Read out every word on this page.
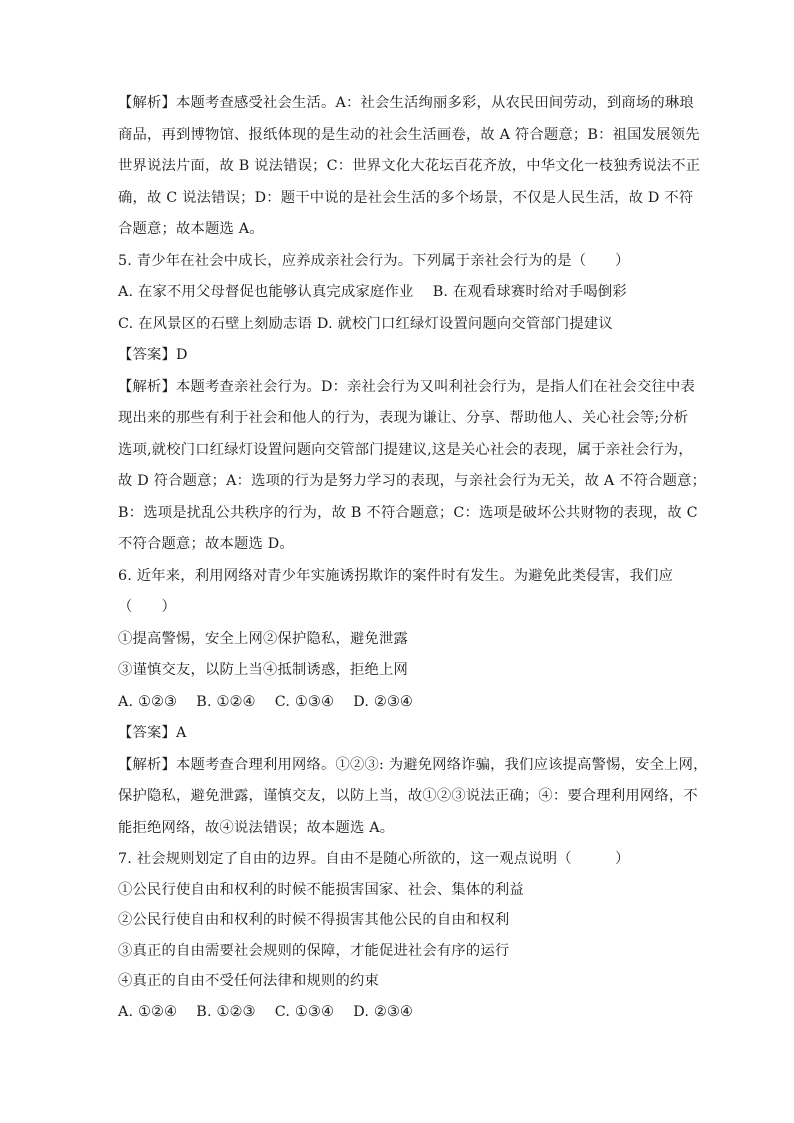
【解析】本题考查感受社会生活。A：社会生活绚丽多彩，从农民田间劳动，到商场的琳琅
商品，再到博物馆、报纸体现的是生动的社会生活画卷，故 A 符合题意；B：祖国发展领先
世界说法片面，故 B 说法错误；C：世界文化大花坛百花齐放，中华文化一枝独秀说法不正
确，故 C 说法错误；D：题干中说的是社会生活的多个场景，不仅是人民生活，故 D 不符
合题意；故本题选 A。
5. 青少年在社会中成长，应养成亲社会行为。下列属于亲社会行为的是（　　）
A. 在家不用父母督促也能够认真完成家庭作业　 B. 在观看球赛时给对手喝倒彩
C. 在风景区的石壁上刻励志语 D. 就校门口红绿灯设置问题向交管部门提建议
【答案】D
【解析】本题考查亲社会行为。D：亲社会行为又叫利社会行为，是指人们在社会交往中表
现出来的那些有利于社会和他人的行为，表现为谦让、分享、帮助他人、关心社会等;分析
选项,就校门口红绿灯设置问题向交管部门提建议,这是关心社会的表现，属于亲社会行为，
故 D 符合题意；A：选项的行为是努力学习的表现，与亲社会行为无关，故 A 不符合题意；
B：选项是扰乱公共秩序的行为，故 B 不符合题意；C：选项是破坏公共财物的表现，故 C
不符合题意；故本题选 D。
6. 近年来，利用网络对青少年实施诱拐欺诈的案件时有发生。为避免此类侵害，我们应
（　　）
①提高警惕，安全上网②保护隐私，避免泄露
③谨慎交友，以防上当④抵制诱惑，拒绝上网
A. ①②③　 B. ①②④　 C. ①③④　 D. ②③④
【答案】A
【解析】本题考查合理利用网络。①②③: 为避免网络诈骗，我们应该提高警惕，安全上网，
保护隐私，避免泄露，谨慎交友，以防上当，故①②③说法正确；④：要合理利用网络，不
能拒绝网络，故④说法错误；故本题选 A。
7. 社会规则划定了自由的边界。自由不是随心所欲的，这一观点说明（　　　）
①公民行使自由和权利的时候不能损害国家、社会、集体的利益
②公民行使自由和权利的时候不得损害其他公民的自由和权利
③真正的自由需要社会规则的保障，才能促进社会有序的运行
④真正的自由不受任何法律和规则的约束
A. ①②④　 B. ①②③　 C. ①③④　 D. ②③④
